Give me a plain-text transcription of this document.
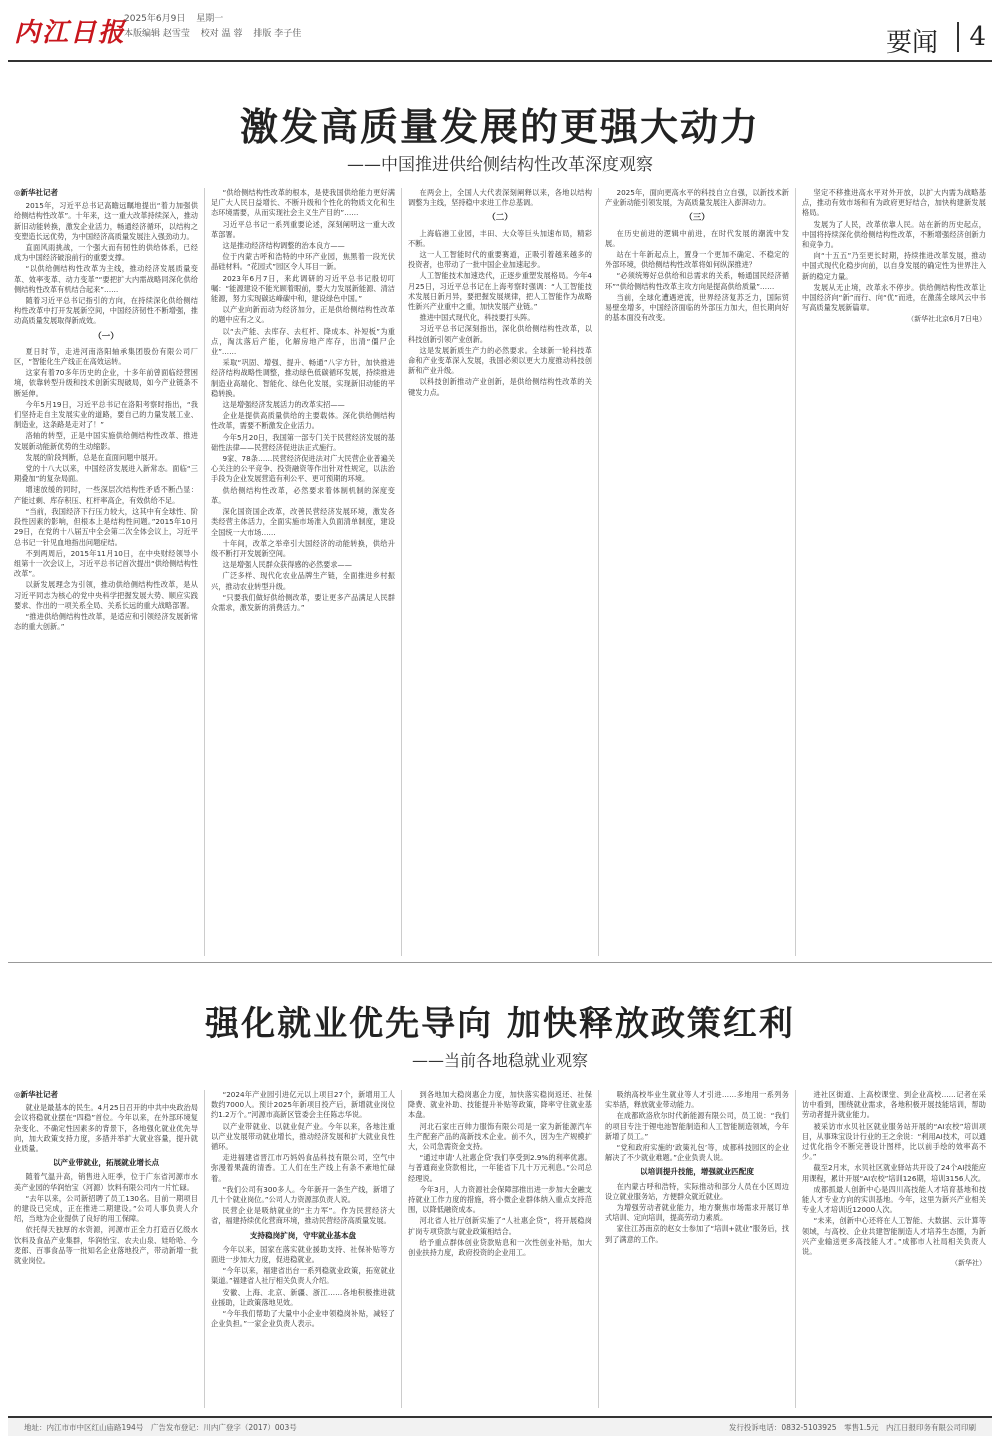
内江日报
2025年6月9日 星期一
本版编辑 赵雪莹 校对 温 蓉 排版 李子佳	要闻	4
激发高质量发展的更强大动力
——中国推进供给侧结构性改革深度观察
◎新华社记者

2015年，习近平总书记高瞻远瞩地提出“着力加强供给侧结构性改革”。十年来，这一重大改革持续深入，推动新旧动能转换，激发企业活力，畅通经济循环，以结构之变塑造长远优势，为中国经济高质量发展注入强劲动力。

直面风雨挑战，一个强大而有韧性的供给体系，已经成为中国经济破浪前行的重要支撑。

“以供给侧结构性改革为主线，推动经济发展质量变革、效率变革、动力变革”“要把扩大内需战略同深化供给侧结构性改革有机结合起来”……

随着习近平总书记指引的方向，在持续深化供给侧结构性改革中打开发展新空间，中国经济韧性不断增强，推动高质量发展取得新成效。

（一）

夏日时节，走进河南洛阳轴承集团股份有限公司厂区，“智能化生产线正在高效运转。

这家有着70多年历史的企业，十多年前曾面临经营困境，依靠转型升级和技术创新实现破局，如今产业链条不断延伸。

今年5月19日，习近平总书记在洛阳考察时指出，“我们坚持走自主发展实业的道路，要自己的力量发展工业、制造业，这条路是走对了！”

洛轴的转型，正是中国实施供给侧结构性改革、推进发展新动能新优势的生动缩影。

发展的阶段判断，总是在直面问题中展开。

党的十八大以来，中国经济发展进入新常态。面临“三期叠加”的复杂局面。

增速放缓的同时，一些深层次结构性矛盾不断凸显：产能过剩、库存积压、杠杆率高企，有效供给不足。

“当前，我国经济下行压力较大，这其中有全球性、阶段性因素的影响，但根本上是结构性问题。”2015年10月29日，在党的十八届五中全会第二次全体会议上，习近平总书记一针见血地指出问题症结。

不到两周后，2015年11月10日，在中央财经领导小组第十一次会议上，习近平总书记首次提出“供给侧结构性改革”。

以新发展理念为引领，推动供给侧结构性改革，是从习近平同志为核心的党中央科学把握发展大势、顺应实践要求、作出的一项关系全局、关系长远的重大战略部署。

“推进供给侧结构性改革，是适应和引领经济发展新常态的重大创新。”

“供给侧结构性改革的根本，是使我国供给能力更好满足广大人民日益增长、不断升级和个性化的物质文化和生态环境需要，从而实现社会主义生产目的”……

习近平总书记一系列重要论述，深刻阐明这一重大改革部署。

这是推动经济结构调整的治本良方——

位于内蒙古呼和浩特的中环产业园，焦黑着一段光伏晶硅材料。“花园式”园区令人耳目一新。

2023年6月7日，来此调研的习近平总书记殷切叮嘱：“能源建设不能光顾着眼前，要大力发展新能源、清洁能源，努力实现碳达峰碳中和，建设绿色中国。”

以产业向新而动为经济加分，正是供给侧结构性改革的题中应有之义。

以“去产能、去库存、去杠杆、降成本、补短板”为重点，淘汰落后产能，化解房地产库存，出清“僵尸企业”……

采取“巩固、增强、提升、畅通”八字方针，加快推进经济结构战略性调整，推动绿色低碳循环发展，持续推进制造业高端化、智能化、绿色化发展，实现新旧动能的平稳转换。

这是增强经济发展活力的改革实招——

企业是提供高质量供给的主要载体。深化供给侧结构性改革，需要不断激发企业活力。

今年5月20日，我国第一部专门关于民营经济发展的基础性法律——民营经济促进法正式施行。

9家、78条……民营经济促进法对广大民营企业普遍关心关注的公平竞争、投资融资等作出针对性规定，以法治手段为企业发展营造有利公平、更可预期的环境。

供给侧结构性改革，必然要求着体制机制的深度变革。

深化国资国企改革，改善民营经济发展环境，激发各类经营主体活力，全面实施市场准入负面清单制度，建设全国统一大市场……

十年间，改革之举牵引大国经济的动能转换，供给升级不断打开发展新空间。

这是增强人民群众获得感的必然要求——

广泛多样、现代化农业品牌生产链，全面推进乡村振兴，推动农业转型升级。

“只要我们做好供给侧改革，要让更多产品满足人民群众需求，激发新的消费活力。”

在两会上，全国人大代表深刻阐释以来，各地以结构调整为主线，坚持稳中求进工作总基调。

（二）

上海临港工业园，丰田、大众等巨头加速布局，精彩不断。

这一人工智能时代的重要赛道，正吸引着越来越多的投资者，也带动了一批中国企业加速起步。

人工智能技术加速迭代，正逐步重塑发展格局。今年4月25日，习近平总书记在上海考察时强调：“人工智能技术发展日新月异，要把握发展规律，把人工智能作为战略性新兴产业重中之重，加快发展产业链。”

推进中国式现代化，科技要打头阵。

习近平总书记深刻指出，深化供给侧结构性改革，以科技创新引领产业创新。

这是发展新质生产力的必然要求。全球新一轮科技革命和产业变革深入发展，我国必须以更大力度推动科技创新和产业升级。

以科技创新推动产业创新，是供给侧结构性改革的关键发力点。

2025年，面向更高水平的科技自立自强，以新技术新产业新动能引领发展，为高质量发展注入澎湃动力。

（三）

在历史前进的逻辑中前进，在时代发展的潮流中发展。

站在十年新起点上，置身一个更加不确定、不稳定的外部环境，供给侧结构性改革将如何纵深推进？

“必须统筹好总供给和总需求的关系，畅通国民经济循环”“供给侧结构性改革主攻方向是提高供给质量”……

当前，全球化遭遇逆流，世界经济复苏乏力，国际贸易壁垒增多，中国经济面临的外部压力加大，但长期向好的基本面没有改变。

坚定不移推进高水平对外开放，以扩大内需为战略基点，推动有效市场和有为政府更好结合，加快构建新发展格局。

发展为了人民，改革依靠人民。站在新的历史起点，中国将持续深化供给侧结构性改革，不断增强经济创新力和竞争力。

向“十五五”乃至更长时期，持续推进改革发展，推动中国式现代化稳步向前，以自身发展的确定性为世界注入新的稳定力量。

发展从无止境，改革永不停步。供给侧结构性改革让中国经济向“新”而行、向“优”而进，在激荡全球风云中书写高质量发展新篇章。

（新华社北京6月7日电）
强化就业优先导向 加快释放政策红利
——当前各地稳就业观察
◎新华社记者

就业是最基本的民生。4月25日召开的中共中央政治局会议将稳就业摆在“四稳”首位。今年以来，在外部环境复杂变化、不确定性因素多的背景下，各地强化就业优先导向，加大政策支持力度，多措并举扩大就业容量，提升就业质量。

以产业带就业，拓展就业增长点

随着气温升高，销售进入旺季，位于广东省河源市水美产业园的华润怡宝（河源）饮料有限公司内一片忙碌。

“去年以来，公司新招聘了员工130名。目前一期项目的建设已完成，正在推进二期建设。”公司人事负责人介绍，当地为企业提供了良好的用工保障。

依托得天独厚的水资源，河源市正全力打造百亿级水饮料及食品产业集群，华润怡宝、农夫山泉、娃哈哈、今麦郎、百事食品等一批知名企业落地投产，带动新增一批就业岗位。

“2024年产业园引进亿元以上项目27个，新增用工人数约7000人。预计2025年新项目投产后，新增就业岗位约1.2万个。”河源市高新区管委会主任陈志华说。

以产业带就业、以就业促产业。今年以来，各地注重以产业发展带动就业增长，推动经济发展和扩大就业良性循环。

走进福建省晋江市巧妈妈食品科技有限公司，空气中弥漫着果蔬的清香。工人们在生产线上有条不紊地忙碌着。

“我们公司有300多人。今年新开一条生产线，新增了几十个就业岗位。”公司人力资源部负责人说。

民营企业是吸纳就业的“主力军”。作为民营经济大省，福建持续优化营商环境，推动民营经济高质量发展。

支持稳岗扩岗，守牢就业基本盘

今年以来，国家在落实就业援助支持、社保补贴等方面进一步加大力度，促进稳就业。

“今年以来，福建省出台一系列稳就业政策，拓宽就业渠道。”福建省人社厅相关负责人介绍。

安徽、上海、北京、新疆、浙江……各地积极推进就业援助，让政策落地见效。

“今年我们帮助了大量中小企业申领稳岗补贴，减轻了企业负担。”一家企业负责人表示。

到各地加大稳岗惠企力度，加快落实稳岗返还、社保降费、就业补助、技能提升补贴等政策，降率守住就业基本盘。

河北石家庄百帅力服饰有限公司是一家为新能源汽车生产配套产品的高新技术企业。前不久，因为生产规模扩大，公司急需资金支持。

“通过申请‘人社惠企贷’我们享受到2.9%的利率优惠。与普通商业贷款相比，一年能省下几十万元利息。”公司总经理说。

今年3月，人力资源社会保障部推出进一步加大金融支持就业工作力度的措施，将小微企业群体纳入重点支持范围，以降低融资成本。

河北省人社厅创新实施了“人社惠企贷”，将开展稳岗扩岗专项贷款与就业政策相结合。

给予重点群体创业贷款贴息和一次性创业补贴，加大创业扶持力度，政府投资的企业用工。

吸纳高校毕业生就业等人才引进……多地用一系列务实举措，释放就业带动能力。

在成都欧洛欣尔时代新能源有限公司，员工说：“我们的项目专注于锂电池智能制造和人工智能制造领域，今年新增了员工。”

“党和政府实施的‘政策礼包’等，成都科技园区的企业解决了不少就业难题。”企业负责人说。

以培训提升技能，增强就业匹配度

在内蒙古呼和浩特，实际推动和部分人员在小区周边设立就业服务站，方便群众就近就业。

为增强劳动者就业能力，地方聚焦市场需求开展订单式培训、定向培训，提高劳动力素质。

家住江苏南京的赵女士参加了“培训+就业”服务后，找到了满意的工作。

进社区街道、上高校课堂、到企业高校……记者在采访中看到，围绕就业需求，各地积极开展技能培训，帮助劳动者提升就业能力。

被采访市水贝社区就业服务站开展的“AI农校”培训项目，从事珠宝设计行业的王之余说：“利用AI技术，可以通过优化指令不断完善设计图样，比以前手绘的效率高不少。”

截至2月末，水贝社区就业驿站共开设了24个AI技能应用课程，累计开展“AI农校”培训126期，培训3156人次。

成都抓最人创新中心是四川高技能人才培育基地和技能人才专业方向的实训基地。今年，这里为新兴产业相关专业人才培训近12000人次。

“未来，创新中心还将在人工智能、大数据、云计算等领域，与高校、企业共建智能制造人才培养生态圈，为新兴产业输送更多高技能人才。”成都市人社局相关负责人说。

（新华社）
地址：内江市市中区红山庙路194号　广告发布登记：川内广登字（2017）003号	发行投诉电话：0832-5103925　零售1.5元　内江日报印务有限公司印刷
